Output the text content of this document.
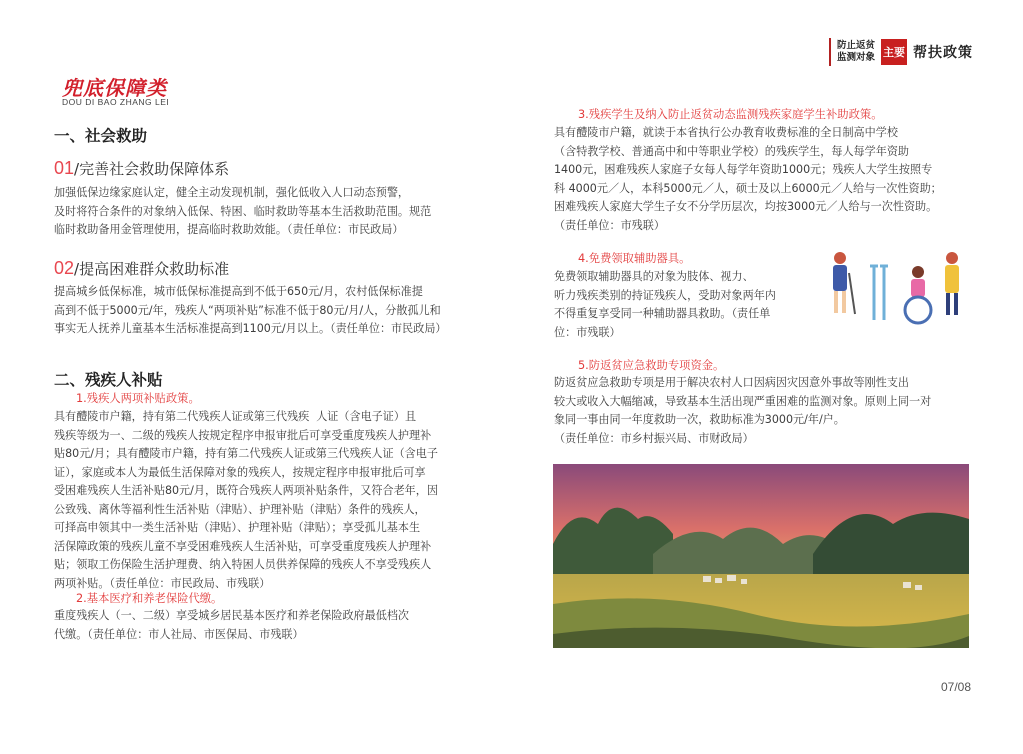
防止返贫
监测对象 主要 帮扶政策
兜底保障类
DOU DI BAO ZHANG LEI
一、社会救助
01/完善社会救助保障体系
加强低保边缘家庭认定，健全主动发现机制，强化低收入人口动态预警，
及时将符合条件的对象纳入低保、特困、临时救助等基本生活救助范围。规范
临时救助备用金管理使用，提高临时救助效能。（责任单位：市民政局）
02/提高困难群众救助标准
提高城乡低保标准，城市低保标准提高到不低于650元/月，农村低保标准提
高到不低于5000元/年，残疾人“两项补贴”标准不低于80元/月/人，分散孤儿和
事实无人抚养儿童基本生活标准提高到1100元/月以上。（责任单位：市民政局）
二、残疾人补贴
1.残疾人两项补贴政策。
具有醴陵市户籍，持有第二代残疾人证或第三代残疾  人证（含电子证）且
残疾等级为一、二级的残疾人按规定程序申报审批后可享受重度残疾人护理补
贴80元/月；具有醴陵市户籍，持有第二代残疾人证或第三代残疾人证（含电子
证），家庭或本人为最低生活保障对象的残疾人，按规定程序申报审批后可享
受困难残疾人生活补贴80元/月，既符合残疾人两项补贴条件，又符合老年，因
公致残、离休等福利性生活补贴（津贴）、护理补贴（津贴）条件的残疾人，
可择高申领其中一类生活补贴（津贴）、护理补贴（津贴）；享受孤儿基本生
活保障政策的残疾儿童不享受困难残疾人生活补贴，可享受重度残疾人护理补
贴；领取工伤保险生活护理费、纳入特困人员供养保障的残疾人不享受残疾人
两项补贴。（责任单位：市民政局、市残联）
2.基本医疗和养老保险代缴。
重度残疾人（一、二级）享受城乡居民基本医疗和养老保险政府最低档次
代缴。（责任单位：市人社局、市医保局、市残联）
3.残疾学生及纳入防止返贫动态监测残疾家庭学生补助政策。
具有醴陵市户籍，就读于本省执行公办教育收费标准的全日制高中学校
（含特教学校、普通高中和中等职业学校）的残疾学生，每人每学年资助
1400元，困难残疾人家庭子女每人每学年资助1000元；残疾人大学生按照专
科 4000元／人，本科5000元／人，硕士及以上6000元／人给与一次性资助；
困难残疾人家庭大学生子女不分学历层次，均按3000元／人给与一次性资助。
（责任单位：市残联）
4.免费领取辅助器具。
免费领取辅助器具的对象为肢体、视力、
听力残疾类别的持证残疾人，受助对象两年内
不得重复享受同一种辅助器具救助。（责任单
位：市残联）
5.防返贫应急救助专项资金。
防返贫应急救助专项是用于解决农村人口因病因灾因意外事故等刚性支出
较大或收入大幅缩减，导致基本生活出现严重困难的监测对象。原则上同一对
象同一事由同一年度救助一次，救助标准为3000元/年/户。
（责任单位：市乡村振兴局、市财政局）
07/08
